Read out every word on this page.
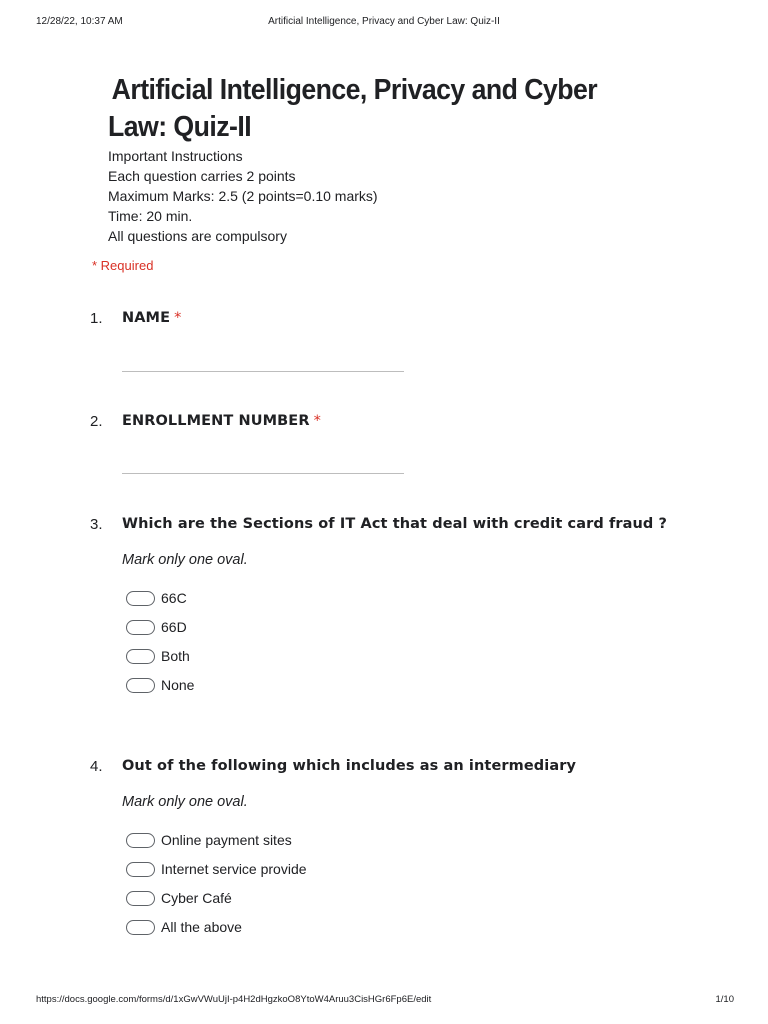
12/28/22, 10:37 AM	Artificial Intelligence, Privacy and Cyber Law: Quiz-II
Artificial Intelligence, Privacy and Cyber
Law: Quiz-II
Important Instructions
Each question carries 2 points
Maximum Marks: 2.5 (2 points=0.10 marks)
Time: 20 min.
All questions are compulsory
* Required
1. NAME *
2. ENROLLMENT NUMBER *
3. Which are the Sections of IT Act that deal with credit card fraud ?
Mark only one oval.
66C
66D
Both
None
4. Out of the following which includes as an intermediary
Mark only one oval.
Online payment sites
Internet service provide
Cyber Café
All the above
https://docs.google.com/forms/d/1xGwVWuUjI-p4H2dHgzkoO8YtoW4Aruu3CisHGr6Fp6E/edit	1/10
